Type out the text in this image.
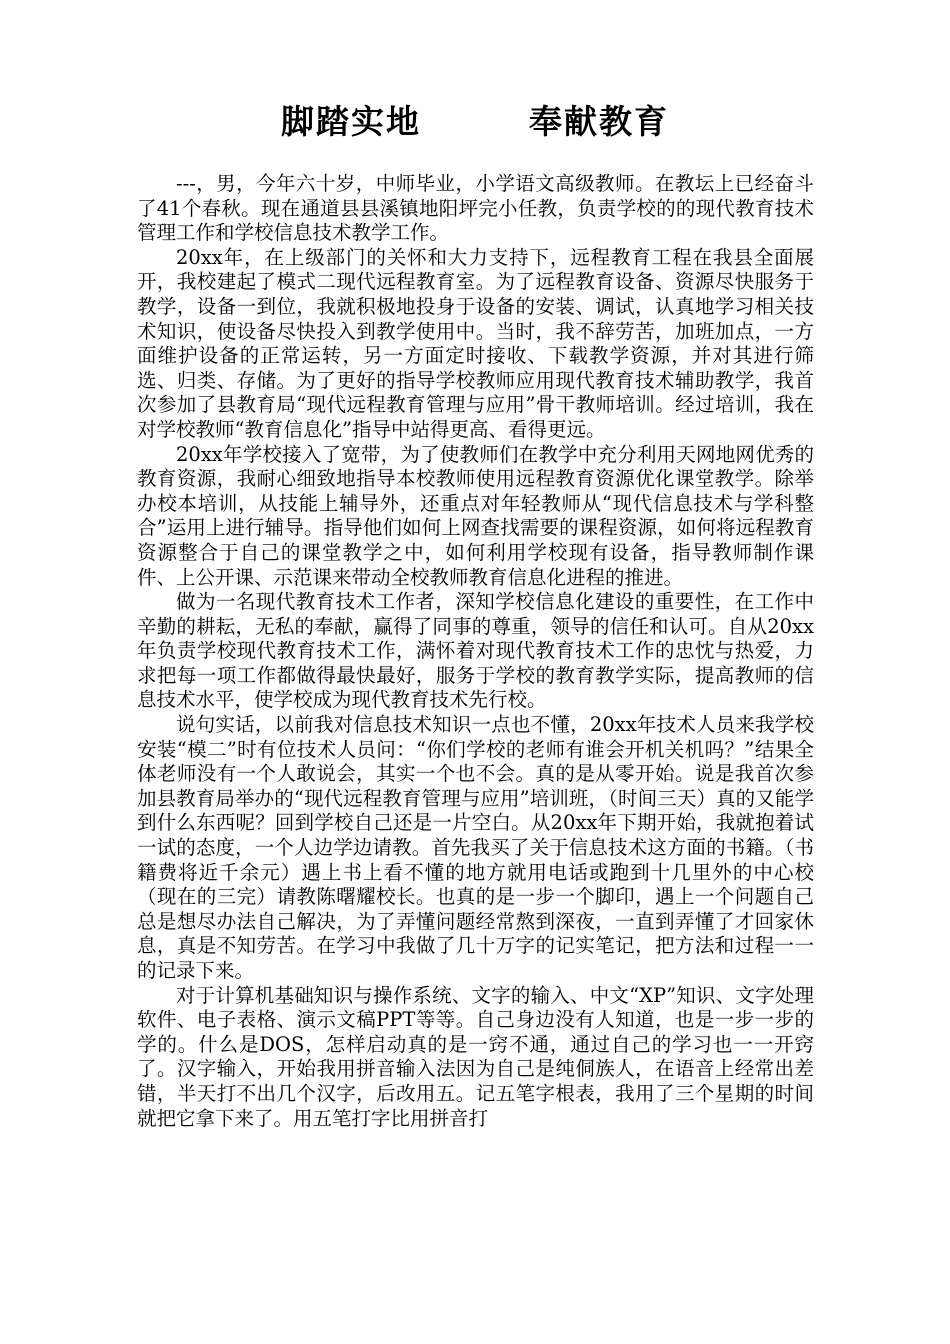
脚踏实地        奉献教育

---，男，今年六十岁，中师毕业，小学语文高级教师。在教坛上已经奋斗了41个春秋。现在通道县县溪镇地阳坪完小任教，负责学校的的现代教育技术管理工作和学校信息技术教学工作。

20xx年，在上级部门的关怀和大力支持下，远程教育工程在我县全面展开，我校建起了模式二现代远程教育室。为了远程教育设备、资源尽快服务于教学，设备一到位，我就积极地投身于设备的安装、调试，认真地学习相关技术知识，使设备尽快投入到教学使用中。当时，我不辞劳苦，加班加点，一方面维护设备的正常运转，另一方面定时接收、下载教学资源，并对其进行筛选、归类、存储。为了更好的指导学校教师应用现代教育技术辅助教学，我首次参加了县教育局“现代远程教育管理与应用”骨干教师培训。经过培训，我在对学校教师“教育信息化”指导中站得更高、看得更远。

20xx年学校接入了宽带，为了使教师们在教学中充分利用天网地网优秀的教育资源，我耐心细致地指导本校教师使用远程教育资源优化课堂教学。除举办校本培训，从技能上辅导外，还重点对年轻教师从“现代信息技术与学科整合”运用上进行辅导。指导他们如何上网查找需要的课程资源，如何将远程教育资源整合于自己的课堂教学之中，如何利用学校现有设备，指导教师制作课件、上公开课、示范课来带动全校教师教育信息化进程的推进。

做为一名现代教育技术工作者，深知学校信息化建设的重要性，在工作中辛勤的耕耘，无私的奉献，赢得了同事的尊重，领导的信任和认可。自从20xx年负责学校现代教育技术工作，满怀着对现代教育技术工作的忠忱与热爱，力求把每一项工作都做得最快最好，服务于学校的教育教学实际，提高教师的信息技术水平，使学校成为现代教育技术先行校。

说句实话，以前我对信息技术知识一点也不懂，20xx年技术人员来我学校安装“模二”时有位技术人员问：“你们学校的老师有谁会开机关机吗？”结果全体老师没有一个人敢说会，其实一个也不会。真的是从零开始。说是我首次参加县教育局举办的“现代远程教育管理与应用”培训班，（时间三天）真的又能学到什么东西呢？回到学校自己还是一片空白。从20xx年下期开始，我就抱着试一试的态度，一个人边学边请教。首先我买了关于信息技术这方面的书籍。（书籍费将近千余元）遇上书上看不懂的地方就用电话或跑到十几里外的中心校（现在的三完）请教陈曙耀校长。也真的是一步一个脚印，遇上一个问题自己总是想尽办法自己解决，为了弄懂问题经常熬到深夜，一直到弄懂了才回家休息，真是不知劳苦。在学习中我做了几十万字的记实笔记，把方法和过程一一的记录下来。

对于计算机基础知识与操作系统、文字的输入、中文“XP”知识、文字处理软件、电子表格、演示文稿PPT等等。自己身边没有人知道，也是一步一步的学的。什么是DOS，怎样启动真的是一窍不通，通过自己的学习也一一开窍了。汉字输入，开始我用拼音输入法因为自己是纯侗族人，在语音上经常出差错，半天打不出几个汉字，后改用五。记五笔字根表，我用了三个星期的时间就把它拿下来了。用五笔打字比用拼音打
